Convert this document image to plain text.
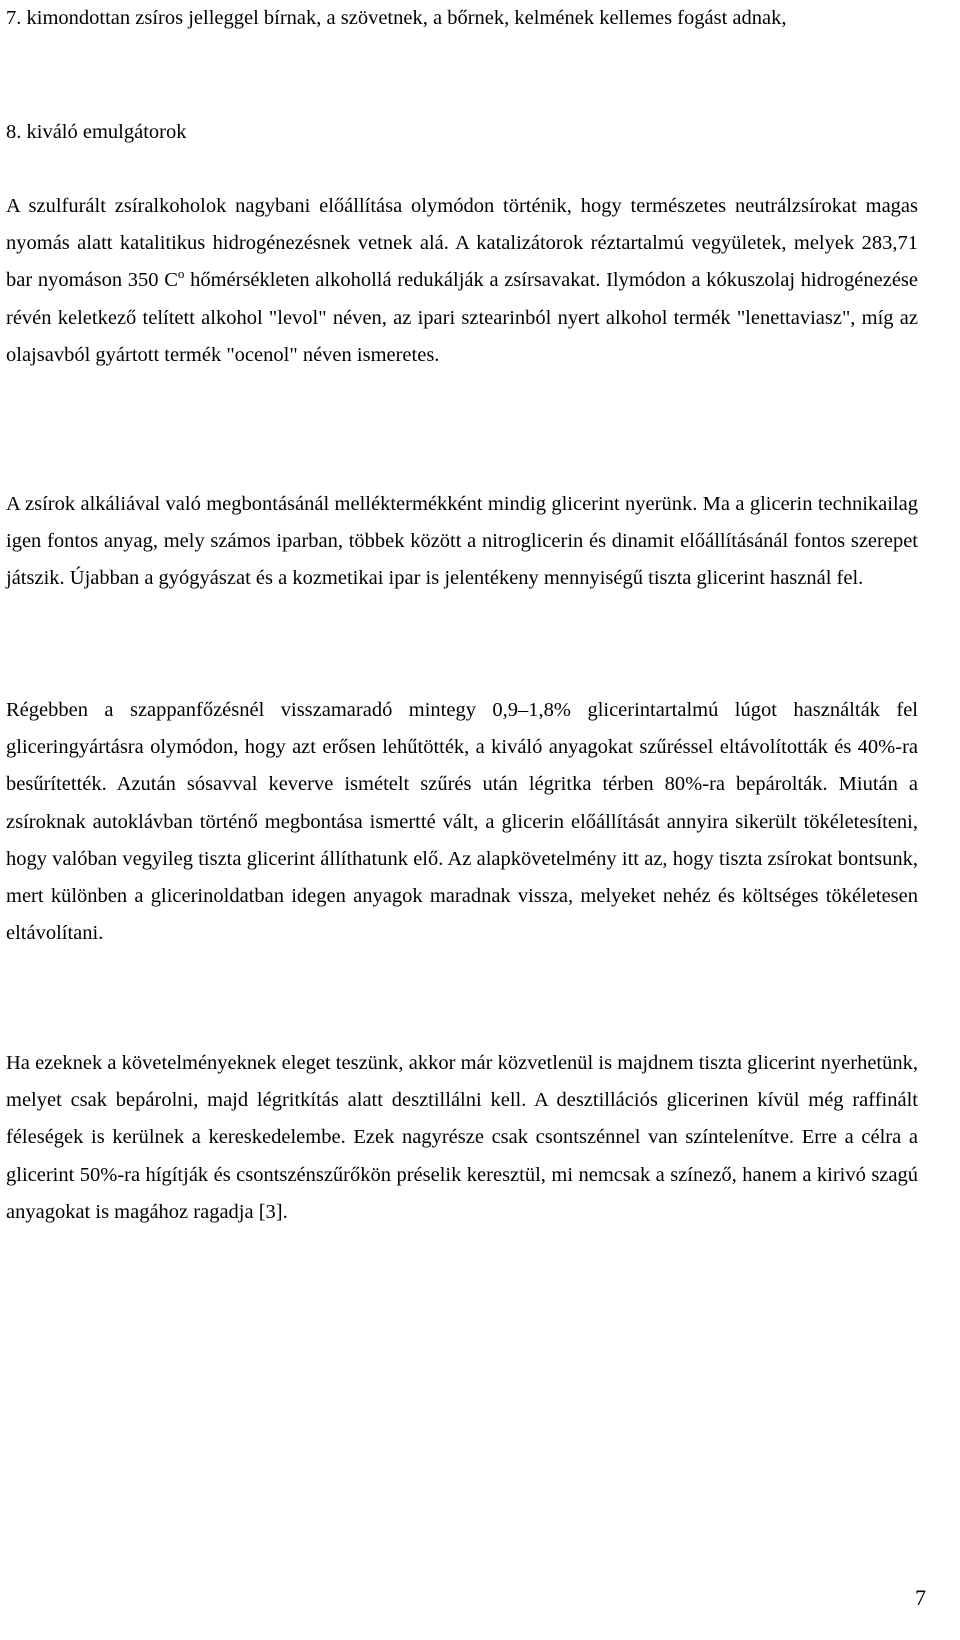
7. kimondottan zsíros jelleggel bírnak, a szövetnek, a bőrnek, kelmének kellemes fogást adnak,

8. kiváló emulgátorok

A szulfurált zsíralkoholok nagybani előállítása olymódon történik, hogy természetes neutrálzsírokat magas nyomás alatt katalitikus hidrogénezésnek vetnek alá. A katalizátorok réztartalmú vegyületek, melyek 283,71 bar nyomáson 350 $C^o$ hőmérsékleten alkohollá redukálják a zsírsavakat. Ilymódon a kókuszolaj hidrogénezése révén keletkező telített alkohol "levol" néven, az ipari sztearinból nyert alkohol termék "lenettaviasz", míg az olajsavból gyártott termék "ocenol" néven ismeretes.

A zsírok alkáliával való megbontásánál melléktermékként mindig glicerint nyerünk. Ma a glicerin technikailag igen fontos anyag, mely számos iparban, többek között a nitroglicerin és dinamit előállításánál fontos szerepet játszik. Újabban a gyógyászat és a kozmetikai ipar is jelentékeny mennyiségű tiszta glicerint használ fel.

Régebben a szappanfőzésnél visszamaradó mintegy 0,9–1,8% glicerintartalmú lúgot használták fel gliceringyártásra olymódon, hogy azt erősen lehűtötték, a kiváló anyagokat szűréssel eltávolították és 40%-ra besűrítették. Azután sósavval keverve ismételt szűrés után légritka térben 80%-ra bepárolták. Miután a zsíroknak autoklávban történő megbontása ismertté vált, a glicerin előállítását annyira sikerült tökéletesíteni, hogy valóban vegyileg tiszta glicerint állíthatunk elő. Az alapkövetelmény itt az, hogy tiszta zsírokat bontsunk, mert különben a glicerinoldatban idegen anyagok maradnak vissza, melyeket nehéz és költséges tökéletesen eltávolítani.

Ha ezeknek a követelményeknek eleget teszünk, akkor már közvetlenül is majdnem tiszta glicerint nyerhetünk, melyet csak bepárolni, majd légritkítás alatt desztillálni kell. A desztillációs glicerinen kívül még raffinált féleségek is kerülnek a kereskedelembe. Ezek nagyrésze csak csontszénnel van színtelenítve. Erre a célra a glicerint 50%-ra hígítják és csontszénszűrőkön préselik keresztül, mi nemcsak a színező, hanem a kirivó szagú anyagokat is magához ragadja [3].

7
